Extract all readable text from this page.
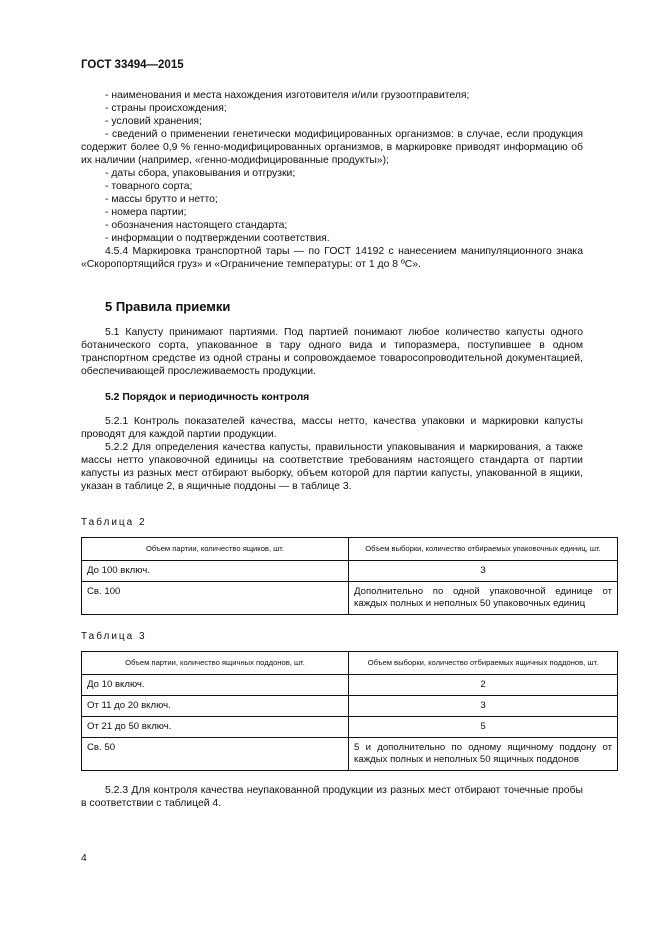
ГОСТ 33494—2015

- наименования и места нахождения изготовителя и/или грузоотправителя;

- страны происхождения;

- условий хранения;

- сведений о применении генетически модифицированных организмов: в случае, если продукция содержит более 0,9 % генно-модифицированных организмов, в маркировке приводят информацию об их наличии (например, «генно-модифицированные продукты»);

- даты сбора, упаковывания и отгрузки;

- товарного сорта;

- массы брутто и нетто;

- номера партии;

- обозначения настоящего стандарта;

- информации о подтверждении соответствия.

4.5.4 Маркировка транспортной тары — по ГОСТ 14192 с нанесением манипуляционного знака «Скоропортящийся груз» и «Ограничение температуры: от 1 до 8 ºС».

5 Правила приемки

5.1 Капусту принимают партиями. Под партией понимают любое количество капусты одного ботанического сорта, упакованное в тару одного вида и типоразмера, поступившее в одном транспортном средстве из одной страны и сопровождаемое товаросопроводительной документацией, обеспечивающей прослеживаемость продукции.

5.2 Порядок и периодичность контроля

5.2.1 Контроль показателей качества, массы нетто, качества упаковки и маркировки капусты проводят для каждой партии продукции.

5.2.2 Для определения качества капусты, правильности упаковывания и маркирования, а также массы нетто упаковочной единицы на соответствие требованиям настоящего стандарта от партии капусты из разных мест отбирают выборку, объем которой для партии капусты, упакованной в ящики, указан в таблице 2, в ящичные поддоны — в таблице 3.

Таблица 2
Объем партии, количество ящиков, шт.	Объем выборки, количество отбираемых упаковочных единиц, шт.
До 100 включ.	3
Св. 100	Дополнительно по одной упаковочной единице от каждых полных и неполных 50 упаковочных единиц
Таблица 3
Объем партии, количество ящичных поддонов, шт.	Объем выборки, количество отбираемых ящичных поддонов, шт.
До 10 включ.	2
От 11 до 20 включ.	3
От 21 до 50 включ.	5
Св. 50	5 и дополнительно по одному ящичному поддону от каждых полных и неполных 50 ящичных поддонов

5.2.3 Для контроля качества неупакованной продукции из разных мест отбирают точечные пробы в соответствии с таблицей 4.

4
